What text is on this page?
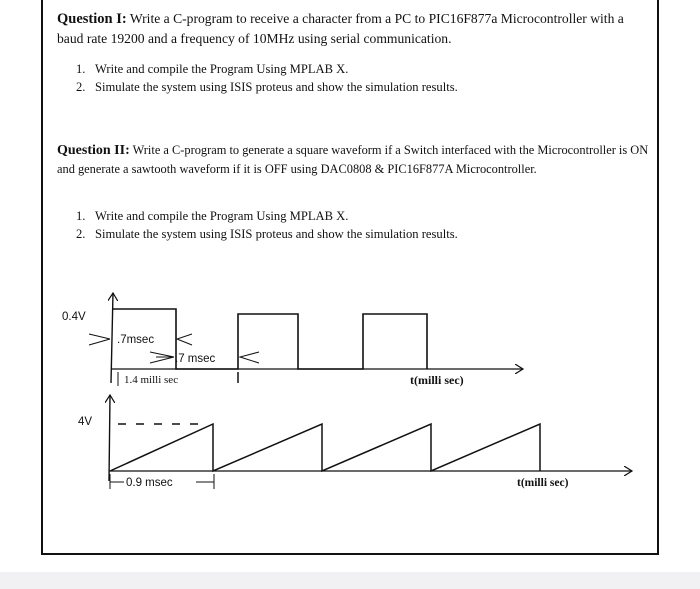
Question I: Write a C-program to receive a character from a PC to PIC16F877a Microcontroller with a baud rate 19200 and a frequency of 10MHz using serial communication.
1. Write and compile the Program Using MPLAB X.
2. Simulate the system using ISIS proteus and show the simulation results.
Question II: Write a C-program to generate a square waveform if a Switch interfaced with the Microcontroller is ON and generate a sawtooth waveform if it is OFF using DAC0808 & PIC16F877A Microcontroller.
1. Write and compile the Program Using MPLAB X.
2. Simulate the system using ISIS proteus and show the simulation results.
0.4V
.7msec
.7 msec
1.4 milli sec	t(milli sec)
4V
0.9 msec	t(milli sec)
